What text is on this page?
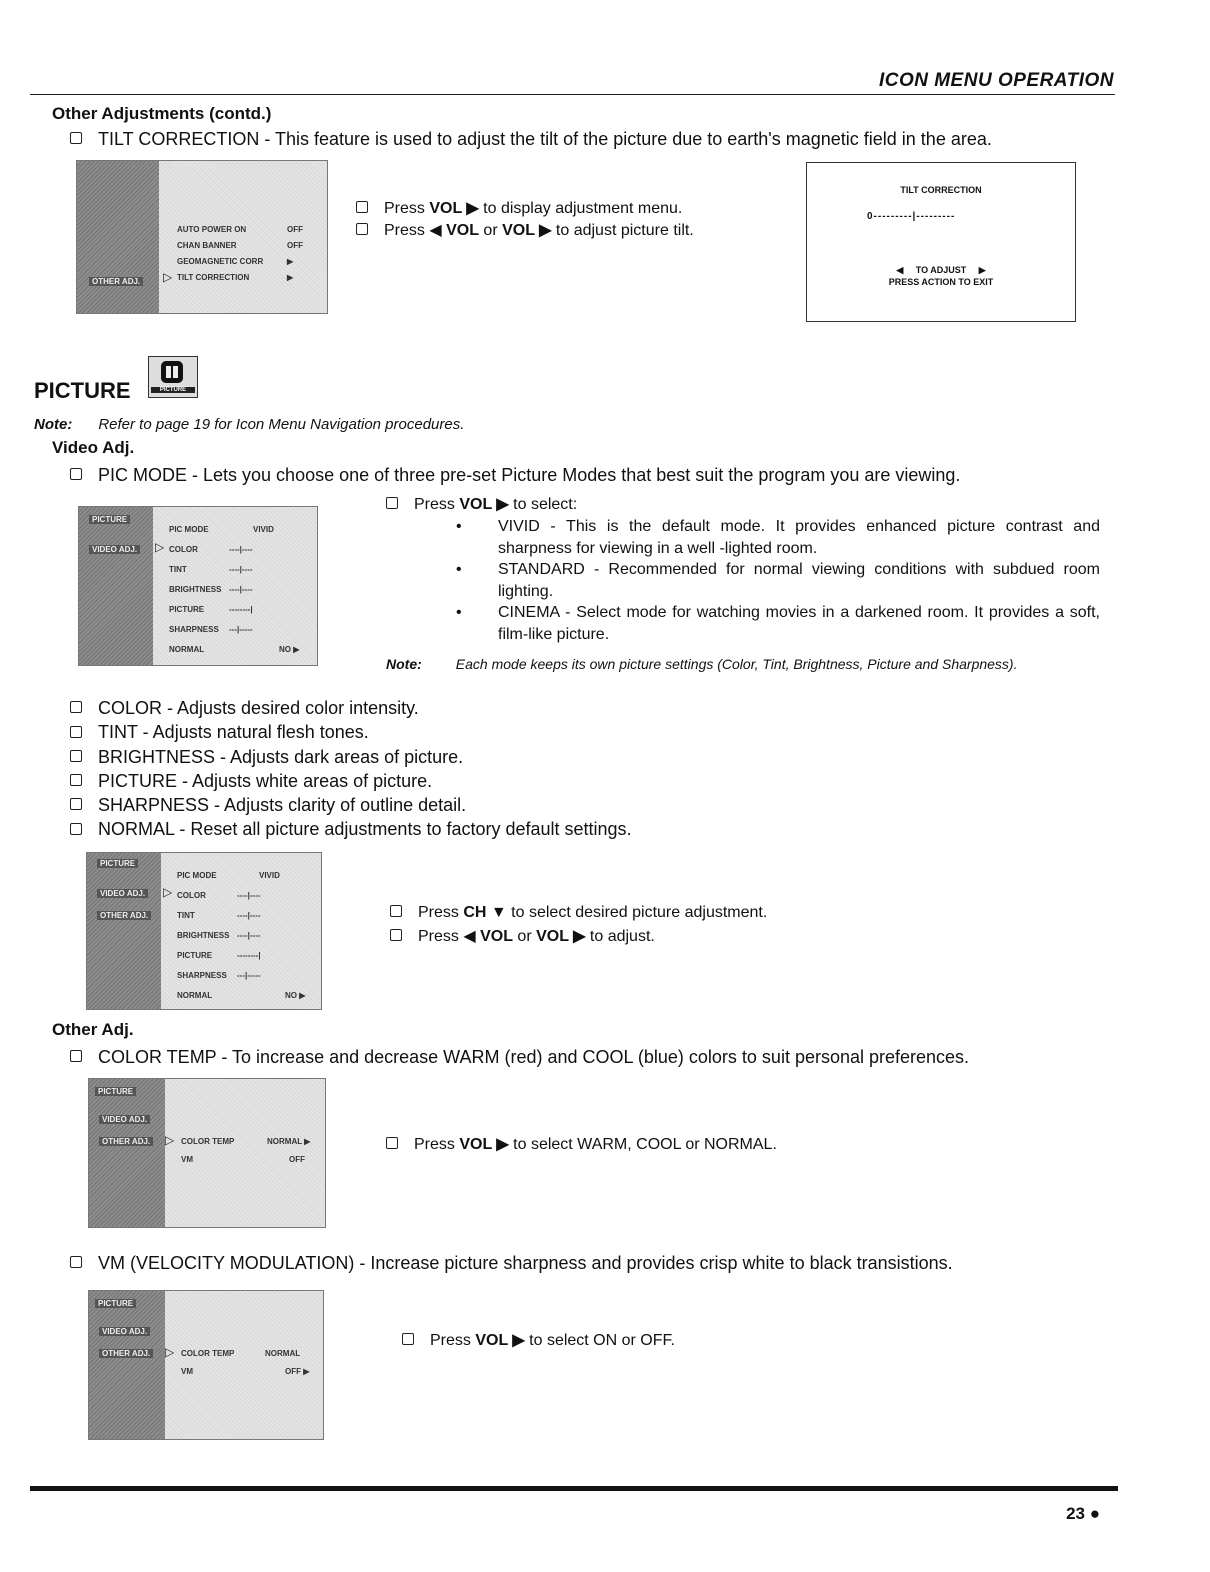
ICON MENU OPERATION
Other Adjustments (contd.)
TILT CORRECTION - This feature is used to adjust the tilt of the picture due to earth's magnetic field in the area.
OTHER ADJ.
AUTO POWER ON	OFF
CHAN BANNER	OFF
GEOMAGNETIC CORR	▶
▷ TILT CORRECTION	▶
Press VOL ▶ to display adjustment menu.
Press ◀ VOL or VOL ▶ to adjust picture tilt.
TILT CORRECTION
0---------|---------
◀     TO ADJUST     ▶
PRESS ACTION TO EXIT
PICTURE	PICTURE
Note: Refer to page 19 for Icon Menu Navigation procedures.
Video Adj.
PIC MODE - Lets you choose one of three pre-set Picture Modes that best suit the program you are viewing.
PICTURE
VIDEO ADJ. ▷
PIC MODE	VIVID
COLOR	----|----
TINT	----|----
BRIGHTNESS ----|----
PICTURE	--------|
SHARPNESS ---|-----
NORMAL	NO ▶
Press VOL ▶ to select:
• VIVID - This is the default mode. It provides enhanced picture contrast and sharpness for viewing in a well -lighted room.
• STANDARD - Recommended for normal viewing conditions with subdued room lighting.
• CINEMA - Select mode for watching movies in a darkened room. It provides a soft, film-like picture.
Note: Each mode keeps its own picture settings (Color, Tint, Brightness, Picture and Sharpness).
COLOR - Adjusts desired color intensity.
TINT - Adjusts natural flesh tones.
BRIGHTNESS - Adjusts dark areas of picture.
PICTURE - Adjusts white areas of picture.
SHARPNESS - Adjusts clarity of outline detail.
NORMAL - Reset all picture adjustments to factory default settings.
PICTURE
VIDEO ADJ.
OTHER ADJ.
▷
PIC MODE	VIVID
COLOR	----|----
TINT	----|----
BRIGHTNESS ----|----
PICTURE	--------|
SHARPNESS ---|-----
NORMAL	NO ▶
Press CH ▼ to select desired picture adjustment.
Press ◀ VOL or VOL ▶ to adjust.
Other Adj.
COLOR TEMP - To increase and decrease WARM (red) and COOL (blue) colors to suit personal preferences.
PICTURE
VIDEO ADJ.
OTHER ADJ. ▷ COLOR TEMP	NORMAL ▶
VM	OFF
Press VOL ▶ to select WARM, COOL or NORMAL.
VM (VELOCITY MODULATION) - Increase picture sharpness and provides crisp white to black transistions.
PICTURE
VIDEO ADJ.
OTHER ADJ. ▷ COLOR TEMP	NORMAL
VM	OFF ▶
Press VOL ▶ to select ON or OFF.
23 ●
